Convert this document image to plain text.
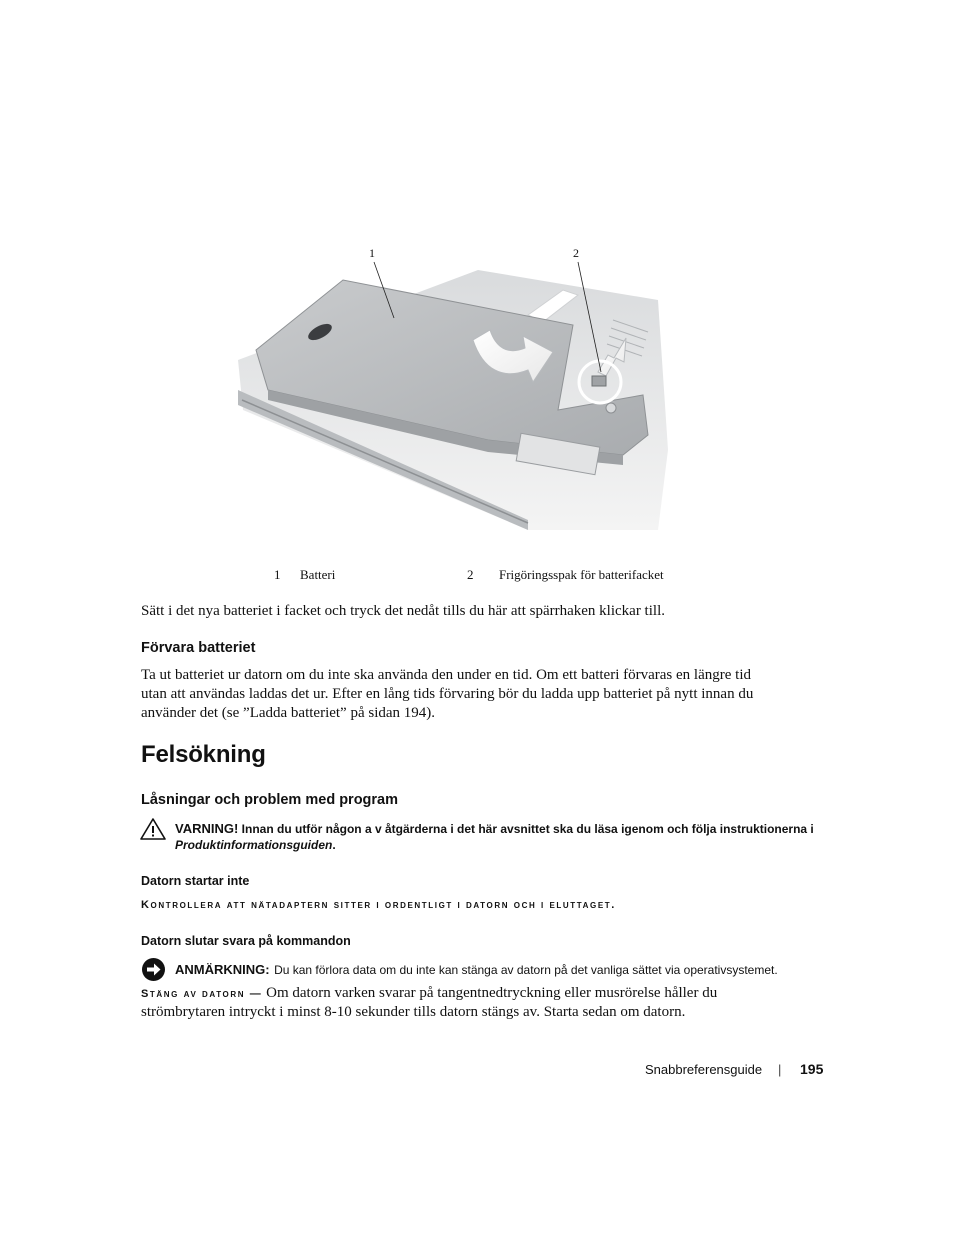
1	2
1 Batteri	2 Frigöringsspak för batterifacket
Sätt i det nya batteriet i facket och tryck det nedåt tills du här att spärrhaken klickar till.
Förvara batteriet
Ta ut batteriet ur datorn om du inte ska använda den under en tid. Om ett batteri förvaras en längre tid
utan att användas laddas det ur. Efter en lång tids förvaring bör du ladda upp batteriet på nytt innan du
använder det (se ”Ladda batteriet” på sidan 194).
Felsökning
Låsningar och problem med program
VARNING! Innan du utför någon a v åtgärderna i det här avsnittet ska du läsa igenom och följa instruktionerna i
Produktinformationsguiden.
Datorn startar inte
Kontrollera att nätadaptern sitter i ordentligt i datorn och i eluttaget.
Datorn slutar svara på kommandon
ANMÄRKNING: Du kan förlora data om du inte kan stänga av datorn på det vanliga sättet via operativsystemet.
Stäng av datorn — Om datorn varken svarar på tangentnedtryckning eller musrörelse håller du
strömbrytaren intryckt i minst 8-10 sekunder tills datorn stängs av. Starta sedan om datorn.
Snabbreferensguide | 195
